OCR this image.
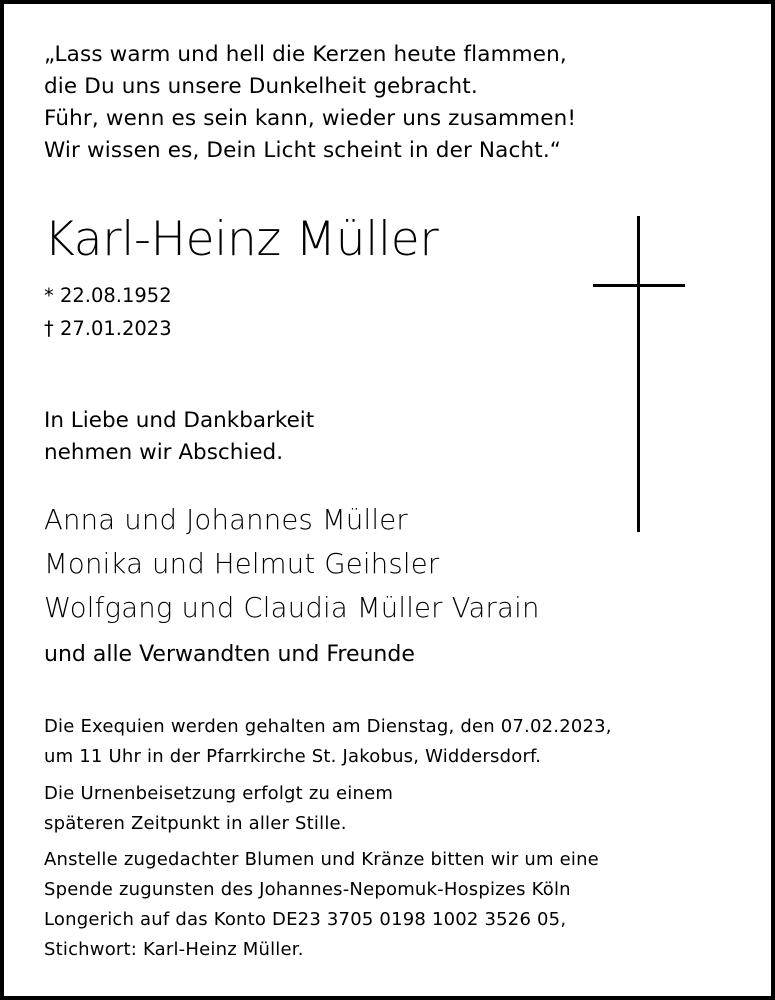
„Lass warm und hell die Kerzen heute flammen,

die Du uns unsere Dunkelheit gebracht.

Führ, wenn es sein kann, wieder uns zusammen!

Wir wissen es, Dein Licht scheint in der Nacht.“

Karl-Heinz Müller

* 22.08.1952

† 27.01.2023

In Liebe und Dankbarkeit

nehmen wir Abschied.

Anna und Johannes Müller

Monika und Helmut Geihsler

Wolfgang und Claudia Müller Varain

und alle Verwandten und Freunde

Die Exequien werden gehalten am Dienstag, den 07.02.2023,

um 11 Uhr in der Pfarrkirche St. Jakobus, Widdersdorf.

Die Urnenbeisetzung erfolgt zu einem

späteren Zeitpunkt in aller Stille.

Anstelle zugedachter Blumen und Kränze bitten wir um eine

Spende zugunsten des Johannes-Nepomuk-Hospizes Köln

Longerich auf das Konto DE23 3705 0198 1002 3526 05,

Stichwort: Karl-Heinz Müller.
